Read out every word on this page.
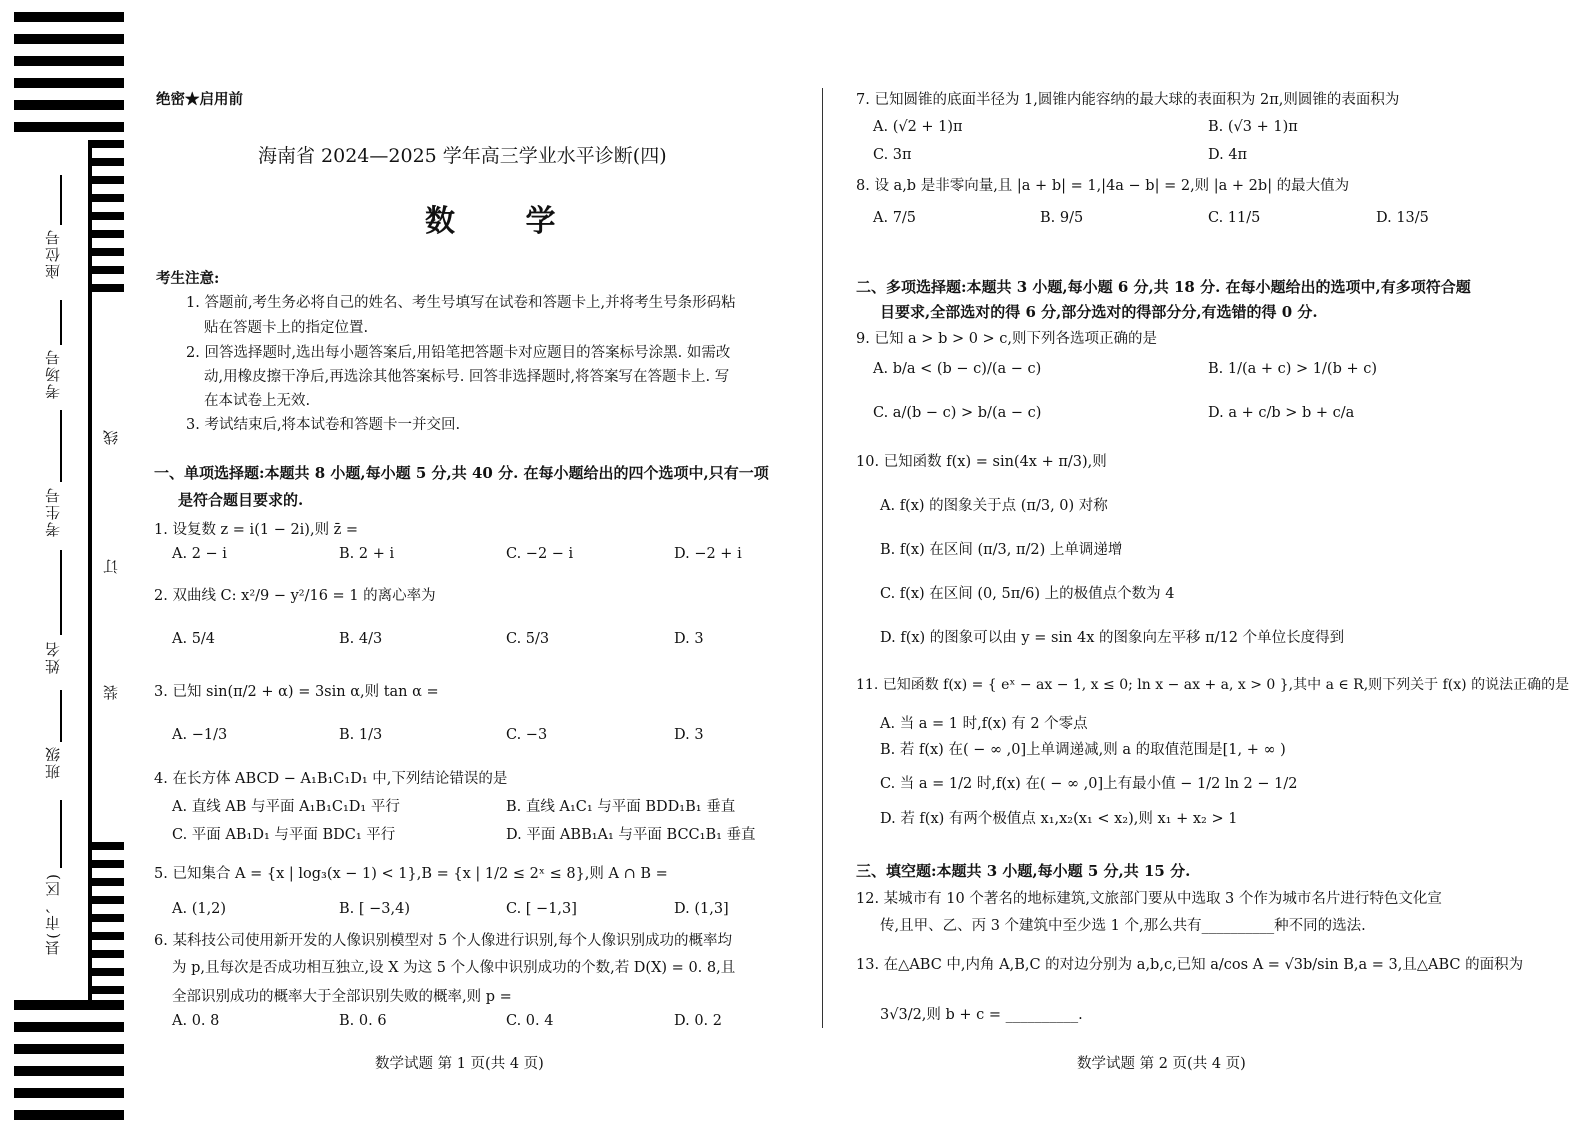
座位号
考场号
考生号
姓名
班级
县(市、区)
线
订
装
绝密★启用前
海南省 2024—2025 学年高三学业水平诊断(四)
数 学
考生注意:
1. 答题前,考生务必将自己的姓名、考生号填写在试卷和答题卡上,并将考生号条形码粘
贴在答题卡上的指定位置.
2. 回答选择题时,选出每小题答案后,用铅笔把答题卡对应题目的答案标号涂黑. 如需改
动,用橡皮擦干净后,再选涂其他答案标号. 回答非选择题时,将答案写在答题卡上. 写
在本试卷上无效.
3. 考试结束后,将本试卷和答题卡一并交回.
一、单项选择题:本题共 8 小题,每小题 5 分,共 40 分. 在每小题给出的四个选项中,只有一项
是符合题目要求的.
1. 设复数 z = i(1 − 2i),则 z̄ =
A. 2 − i	B. 2 + i	C. −2 − i	D. −2 + i
2. 双曲线 C: x²/9 − y²/16 = 1 的离心率为
A. 5/4	B. 4/3	C. 5/3	D. 3
3. 已知 sin(π/2 + α) = 3sin α,则 tan α =
A. −1/3	B. 1/3	C. −3	D. 3
4. 在长方体 ABCD − A₁B₁C₁D₁ 中,下列结论错误的是
A. 直线 AB 与平面 A₁B₁C₁D₁ 平行	B. 直线 A₁C₁ 与平面 BDD₁B₁ 垂直
C. 平面 AB₁D₁ 与平面 BDC₁ 平行	D. 平面 ABB₁A₁ 与平面 BCC₁B₁ 垂直
5. 已知集合 A = {x | log₃(x − 1) < 1},B = {x | 1/2 ≤ 2ˣ ≤ 8},则 A ∩ B =
A. (1,2)	B. [ −3,4)	C. [ −1,3]	D. (1,3]
6. 某科技公司使用新开发的人像识别模型对 5 个人像进行识别,每个人像识别成功的概率均
为 p,且每次是否成功相互独立,设 X 为这 5 个人像中识别成功的个数,若 D(X) = 0. 8,且
全部识别成功的概率大于全部识别失败的概率,则 p =
A. 0. 8	B. 0. 6	C. 0. 4	D. 0. 2
数学试题 第 1 页(共 4 页)
7. 已知圆锥的底面半径为 1,圆锥内能容纳的最大球的表面积为 2π,则圆锥的表面积为
A. (√2 + 1)π	B. (√3 + 1)π
C. 3π	D. 4π
8. 设 a,b 是非零向量,且 |a + b| = 1,|4a − b| = 2,则 |a + 2b| 的最大值为
A. 7/5	B. 9/5	C. 11/5	D. 13/5
二、多项选择题:本题共 3 小题,每小题 6 分,共 18 分. 在每小题给出的选项中,有多项符合题
目要求,全部选对的得 6 分,部分选对的得部分分,有选错的得 0 分.
9. 已知 a > b > 0 > c,则下列各选项正确的是
A. b/a < (b − c)/(a − c)	B. 1/(a + c) > 1/(b + c)
C. a/(b − c) > b/(a − c)	D. a + c/b > b + c/a
10. 已知函数 f(x) = sin(4x + π/3),则
A. f(x) 的图象关于点 (π/3, 0) 对称
B. f(x) 在区间 (π/3, π/2) 上单调递增
C. f(x) 在区间 (0, 5π/6) 上的极值点个数为 4
D. f(x) 的图象可以由 y = sin 4x 的图象向左平移 π/12 个单位长度得到
11. 已知函数 f(x) = { eˣ − ax − 1, x ≤ 0; ln x − ax + a, x > 0 },其中 a ∈ R,则下列关于 f(x) 的说法正确的是
A. 当 a = 1 时,f(x) 有 2 个零点
B. 若 f(x) 在( − ∞ ,0]上单调递减,则 a 的取值范围是[1, + ∞ )
C. 当 a = 1/2 时,f(x) 在( − ∞ ,0]上有最小值 − 1/2 ln 2 − 1/2
D. 若 f(x) 有两个极值点 x₁,x₂(x₁ < x₂),则 x₁ + x₂ > 1
三、填空题:本题共 3 小题,每小题 5 分,共 15 分.
12. 某城市有 10 个著名的地标建筑,文旅部门要从中选取 3 个作为城市名片进行特色文化宣
传,且甲、乙、丙 3 个建筑中至少选 1 个,那么共有__________种不同的选法.
13. 在△ABC 中,内角 A,B,C 的对边分别为 a,b,c,已知 a/cos A = √3b/sin B,a = 3,且△ABC 的面积为
3√3/2,则 b + c = __________.
数学试题 第 2 页(共 4 页)
